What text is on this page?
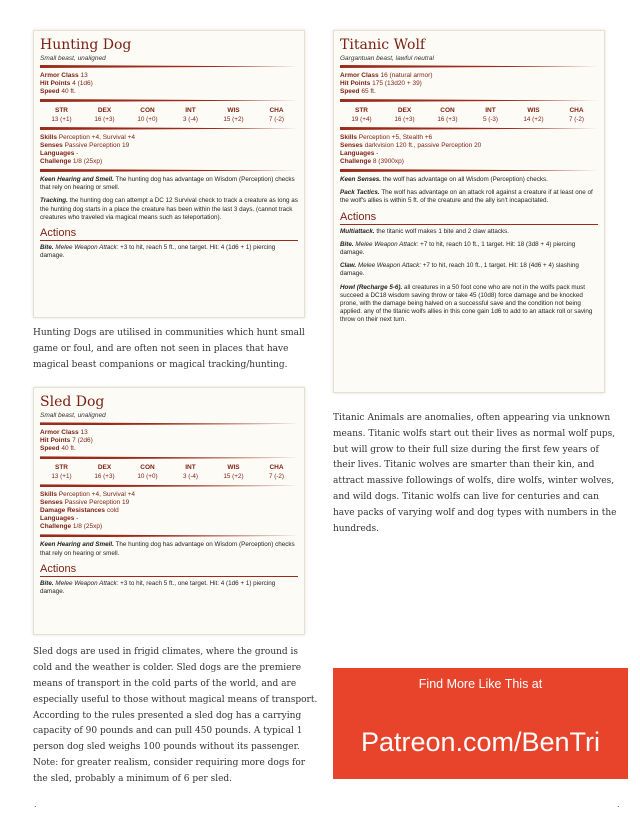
Hunting Dog
Small beast, unaligned
Armor Class 13
Hit Points 4 (1d6)
Speed 40 ft.
STR
13 (+1)
DEX
16 (+3)
CON
10 (+0)
INT
3 (-4)
WIS
15 (+2)
CHA
7 (-2)
Skills Perception +4, Survival +4
Senses Passive Perception 19
Languages -
Challenge 1/8 (25xp)

Keen Hearing and Smell. The hunting dog has advantage on Wisdom (Perception) checks that rely on hearing or smell.

Tracking. the hunting dog can attempt a DC 12 Survival check to track a creature as long as the hunting dog starts in a place the creature has been within the last 3 days. (cannot track creatures who traveled via magical means such as teleportation).

Actions

Bite. Melee Weapon Attack: +3 to hit, reach 5 ft., one target. Hit: 4 (1d6 + 1) piercing damage.

Hunting Dogs are utilised in communities which hunt small game or foul, and are often not seen in places that have magical beast companions or magical tracking/hunting.

Sled Dog
Small beast, unaligned
Armor Class 13
Hit Points 7 (2d6)
Speed 40 ft.
STR
13 (+1)
DEX
16 (+3)
CON
10 (+0)
INT
3 (-4)
WIS
15 (+2)
CHA
7 (-2)
Skills Perception +4, Survival +4
Senses Passive Perception 19
Damage Resistances cold
Languages -
Challenge 1/8 (25xp)

Keen Hearing and Smell. The hunting dog has advantage on Wisdom (Perception) checks that rely on hearing or smell.

Actions

Bite. Melee Weapon Attack: +3 to hit, reach 5 ft., one target. Hit: 4 (1d6 + 1) piercing damage.

Sled dogs are used in frigid climates, where the ground is cold and the weather is colder. Sled dogs are the premiere means of transport in the cold parts of the world, and are especially useful to those without magical means of transport.

According to the rules presented a sled dog has a carrying capacity of 90 pounds and can pull 450 pounds. A typical 1 person dog sled weighs 100 pounds without its passenger.

Note: for greater realism, consider requiring more dogs for the sled, probably a minimum of 6 per sled.

Titanic Wolf
Gargantuan beast, lawful neutral
Armor Class 16 (natural armor)
Hit Points 175 (13d20 + 39)
Speed 65 ft.
STR
19 (+4)
DEX
16 (+3)
CON
16 (+3)
INT
5 (-3)
WIS
14 (+2)
CHA
7 (-2)
Skills Perception +5, Stealth +6
Senses darkvision 120 ft., passive Perception 20
Languages -
Challenge 8 (3900xp)

Keen Senses. the wolf has advantage on all Wisdom (Perception) checks.

Pack Tactics. The wolf has advantage on an attack roll against a creature if at least one of the wolf's allies is within 5 ft. of the creature and the ally isn't incapacitated.

Actions

Multiattack. the titanic wolf makes 1 bite and 2 claw attacks.

Bite. Melee Weapon Attack: +7 to hit, reach 10 ft., 1 target. Hit: 18 (3d8 + 4) piercing damage.

Claw. Melee Weapon Attack: +7 to hit, reach 10 ft., 1 target. Hit: 18 (4d6 + 4) slashing damage.

Howl (Recharge 5-6). all creatures in a 50 foot cone who are not in the wolfs pack must succeed a DC18 wisdom saving throw or take 45 (10d8) force damage and be knocked prone, with the damage being halved on a successful save and the condition not being applied. any of the titanic wolfs allies in this cone gain 1d6 to add to an attack roll or saving throw on their next turn.

Titanic Animals are anomalies, often appearing via unknown means. Titanic wolfs start out their lives as normal wolf pups, but will grow to their full size during the first few years of their lives. Titanic wolves are smarter than their kin, and attract massive followings of wolfs, dire wolfs, winter wolves, and wild dogs. Titanic wolfs can live for centuries and can have packs of varying wolf and dog types with numbers in the hundreds.

Find More Like This at
Patreon.com/BenTri
.	.
